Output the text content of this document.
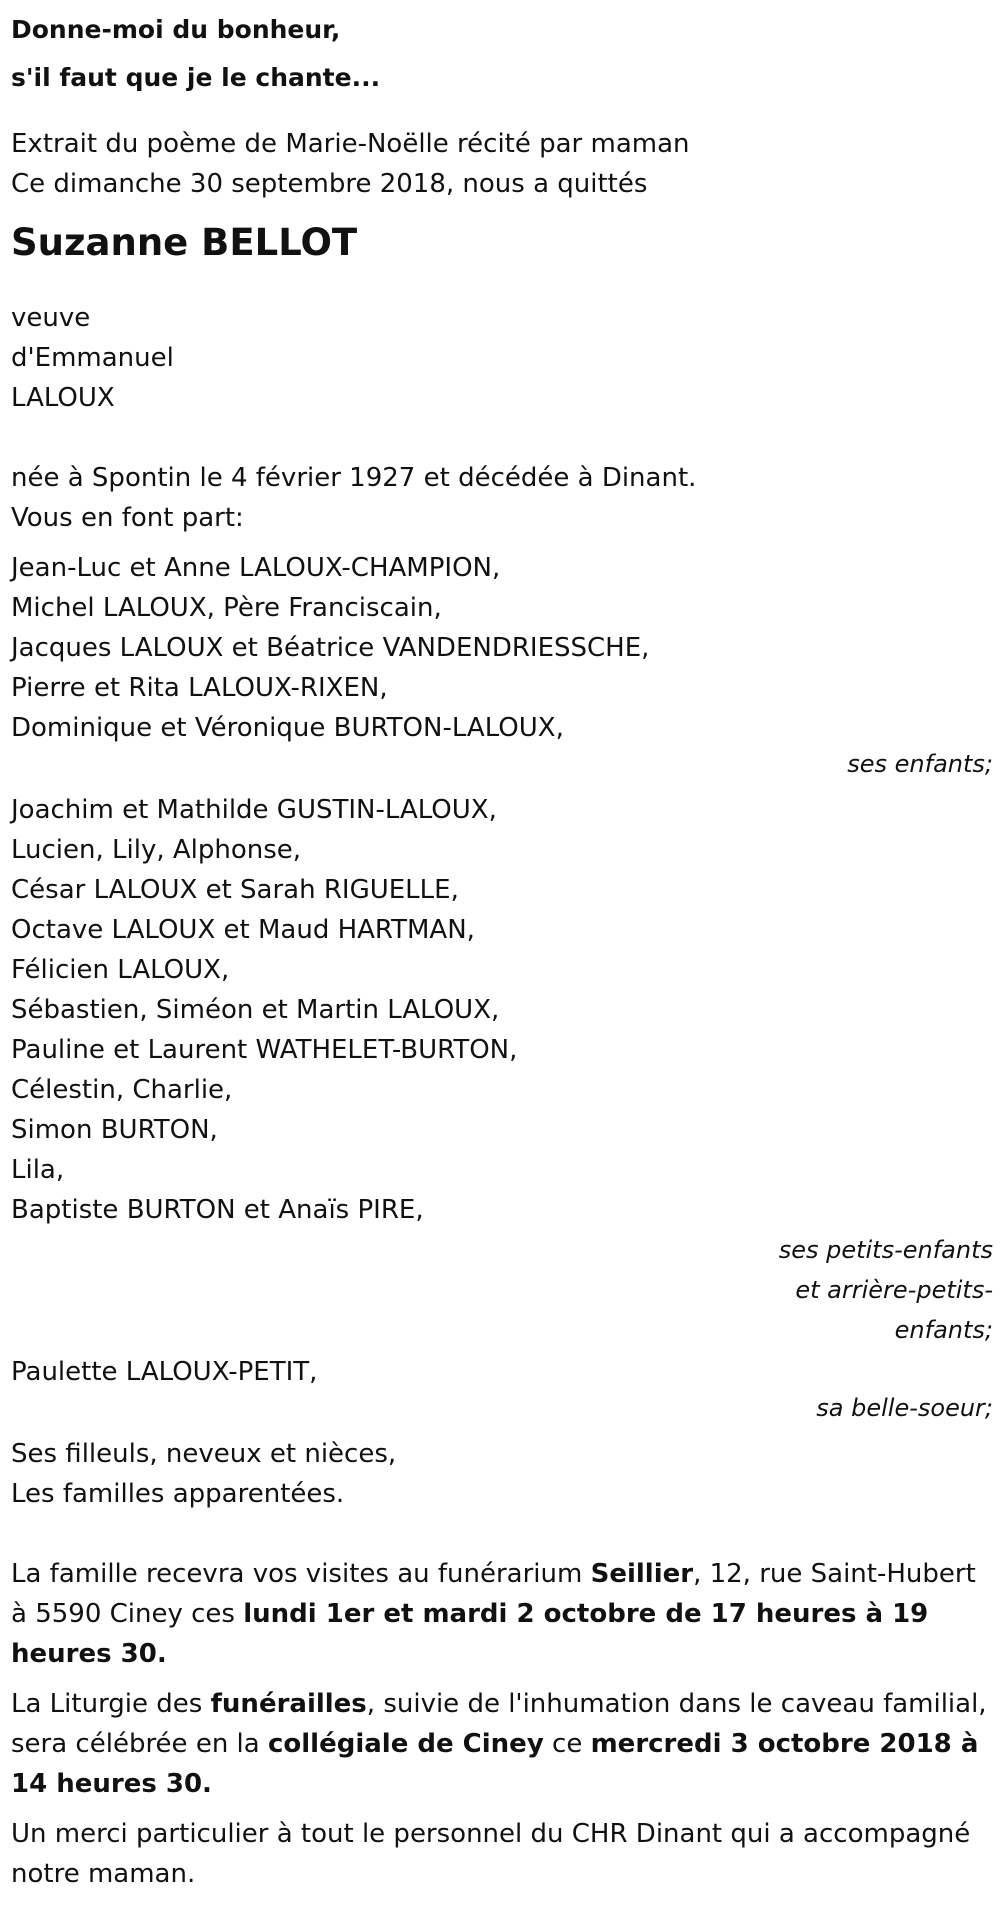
Donne-moi du bonheur,

s'il faut que je le chante...

Extrait du poème de Marie-Noëlle récité par maman

Ce dimanche 30 septembre 2018, nous a quittés

Suzanne BELLOT

veuve

d'Emmanuel

LALOUX

née à Spontin le 4 février 1927 et décédée à Dinant.

Vous en font part:

Jean-Luc et Anne LALOUX-CHAMPION,

Michel LALOUX, Père Franciscain,

Jacques LALOUX et Béatrice VANDENDRIESSCHE,

Pierre et Rita LALOUX-RIXEN,

Dominique et Véronique BURTON-LALOUX,

ses enfants;

Joachim et Mathilde GUSTIN-LALOUX,

Lucien, Lily, Alphonse,

César LALOUX et Sarah RIGUELLE,

Octave LALOUX et Maud HARTMAN,

Félicien LALOUX,

Sébastien, Siméon et Martin LALOUX,

Pauline et Laurent WATHELET-BURTON,

Célestin, Charlie,

Simon BURTON,

Lila,

Baptiste BURTON et Anaïs PIRE,

ses petits-enfants et arrière-petits-enfants;

Paulette LALOUX-PETIT,

sa belle-soeur;

Ses filleuls, neveux et nièces,

Les familles apparentées.

La famille recevra vos visites au funérarium Seillier, 12, rue Saint-Hubert à 5590 Ciney ces lundi 1er et mardi 2 octobre de 17 heures à 19 heures 30.

La Liturgie des funérailles, suivie de l'inhumation dans le caveau familial, sera célébrée en la collégiale de Ciney ce mercredi 3 octobre 2018 à 14 heures 30.

Un merci particulier à tout le personnel du CHR Dinant qui a accompagné notre maman.
